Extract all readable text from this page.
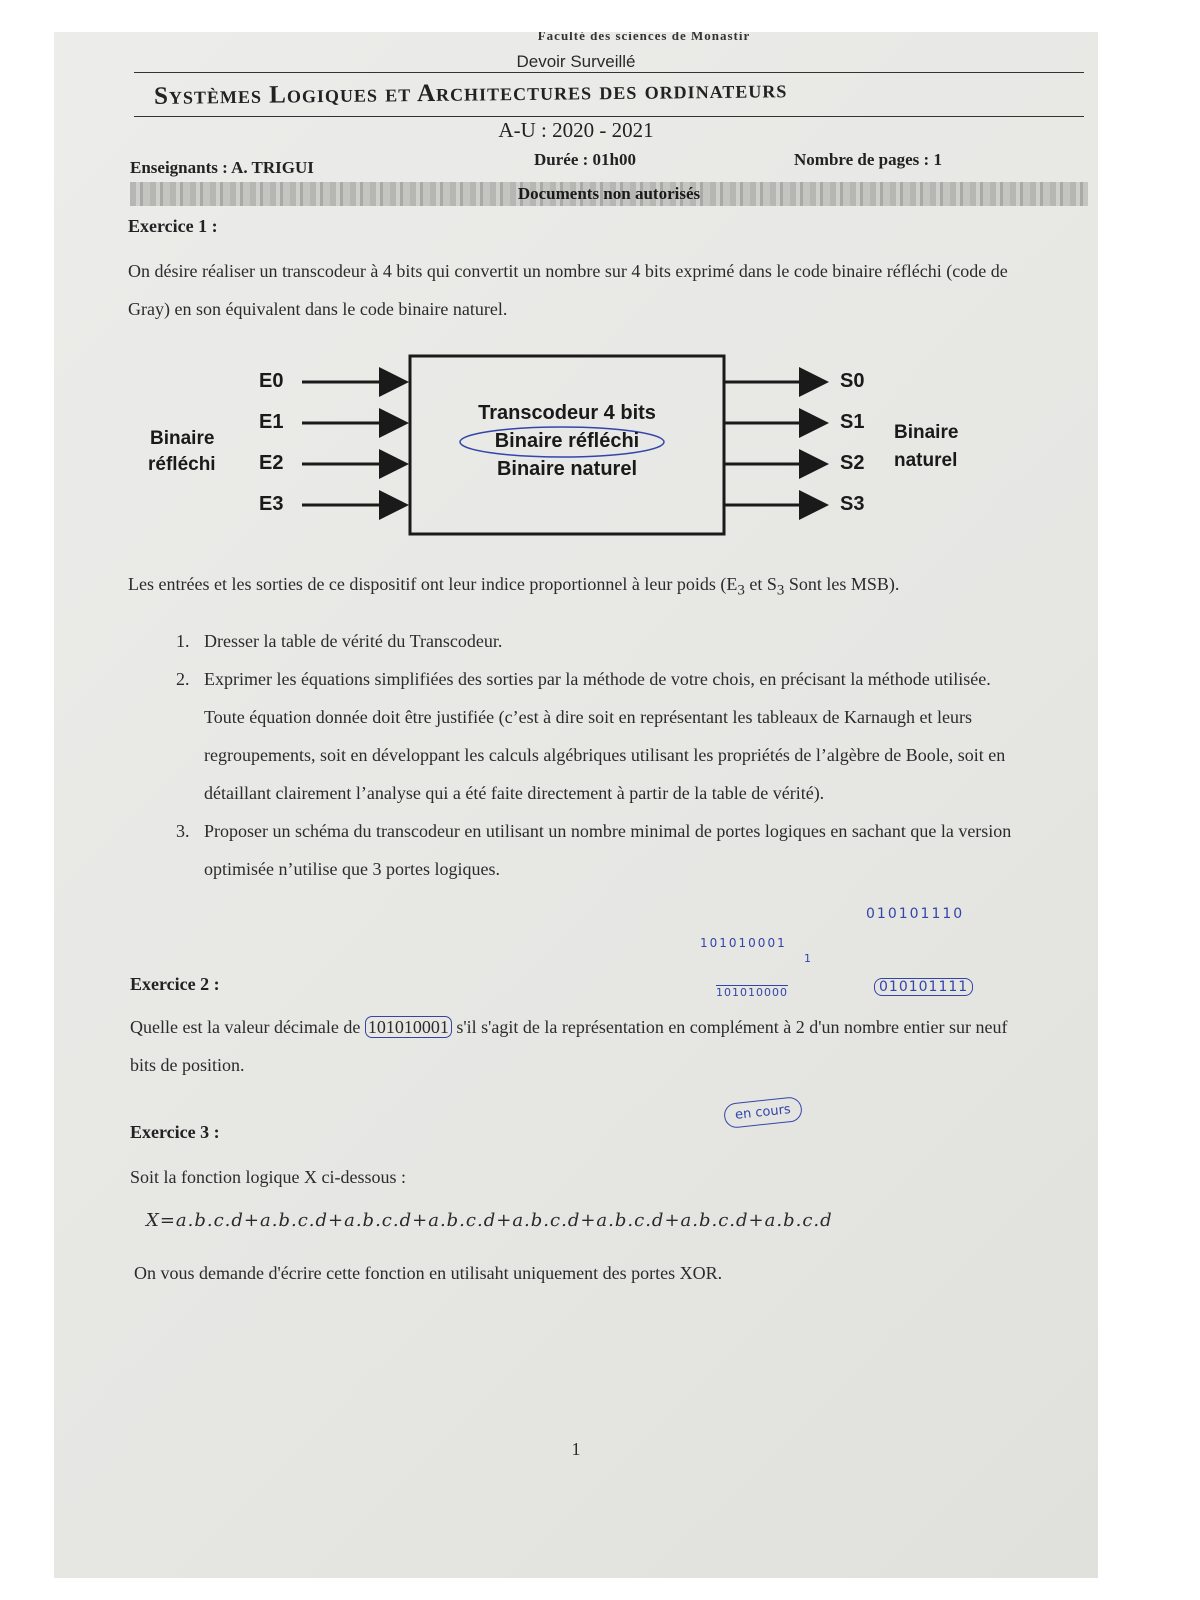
Faculté des sciences de Monastir
Devoir Surveillé
Systèmes Logiques et Architectures des ordinateurs
A-U : 2020 - 2021
Enseignants : A. TRIGUI	Durée : 01h00	Nombre de pages : 1
Documents non autorisés
Exercice 1 :
On désire réaliser un transcodeur à 4 bits qui convertit un nombre sur 4 bits exprimé dans le code binaire réfléchi (code de Gray) en son équivalent dans le code binaire naturel.
E0
E1
E2
E3
S0
S1
S2
S3
Binaire
réfléchi
Binaire
naturel
Transcodeur 4 bits
Binaire réfléchi
Binaire naturel
Les entrées et les sorties de ce dispositif ont leur indice proportionnel à leur poids ($E_3$ et $S_3$ Sont les MSB).
1. Dresser la table de vérité du Transcodeur.
2. Exprimer les équations simplifiées des sorties par la méthode de votre chois, en précisant la méthode utilisée. Toute équation donnée doit être justifiée (c’est à dire soit en représentant les tableaux de Karnaugh et leurs regroupements, soit en développant les calculs algébriques utilisant les propriétés de l’algèbre de Boole, soit en détaillant clairement l’analyse qui a été faite directement à partir de la table de vérité).
3. Proposer un schéma du transcodeur en utilisant un nombre minimal de portes logiques en sachant que la version optimisée n’utilise que 3 portes logiques.
010101110
101010001
1
101010000	010101111
en cours
Exercice 2 :
Quelle est la valeur décimale de 101010001 s'il s'agit de la représentation en complément à 2 d'un nombre entier sur neuf bits de position.
Exercice 3 :
Soit la fonction logique X ci-dessous :
X=a.b.c.d+a.b.c.d+a.b.c.d+a.b.c.d+a.b.c.d+a.b.c.d+a.b.c.d+a.b.c.d
On vous demande d'écrire cette fonction en utilisaht uniquement des portes XOR.
1
